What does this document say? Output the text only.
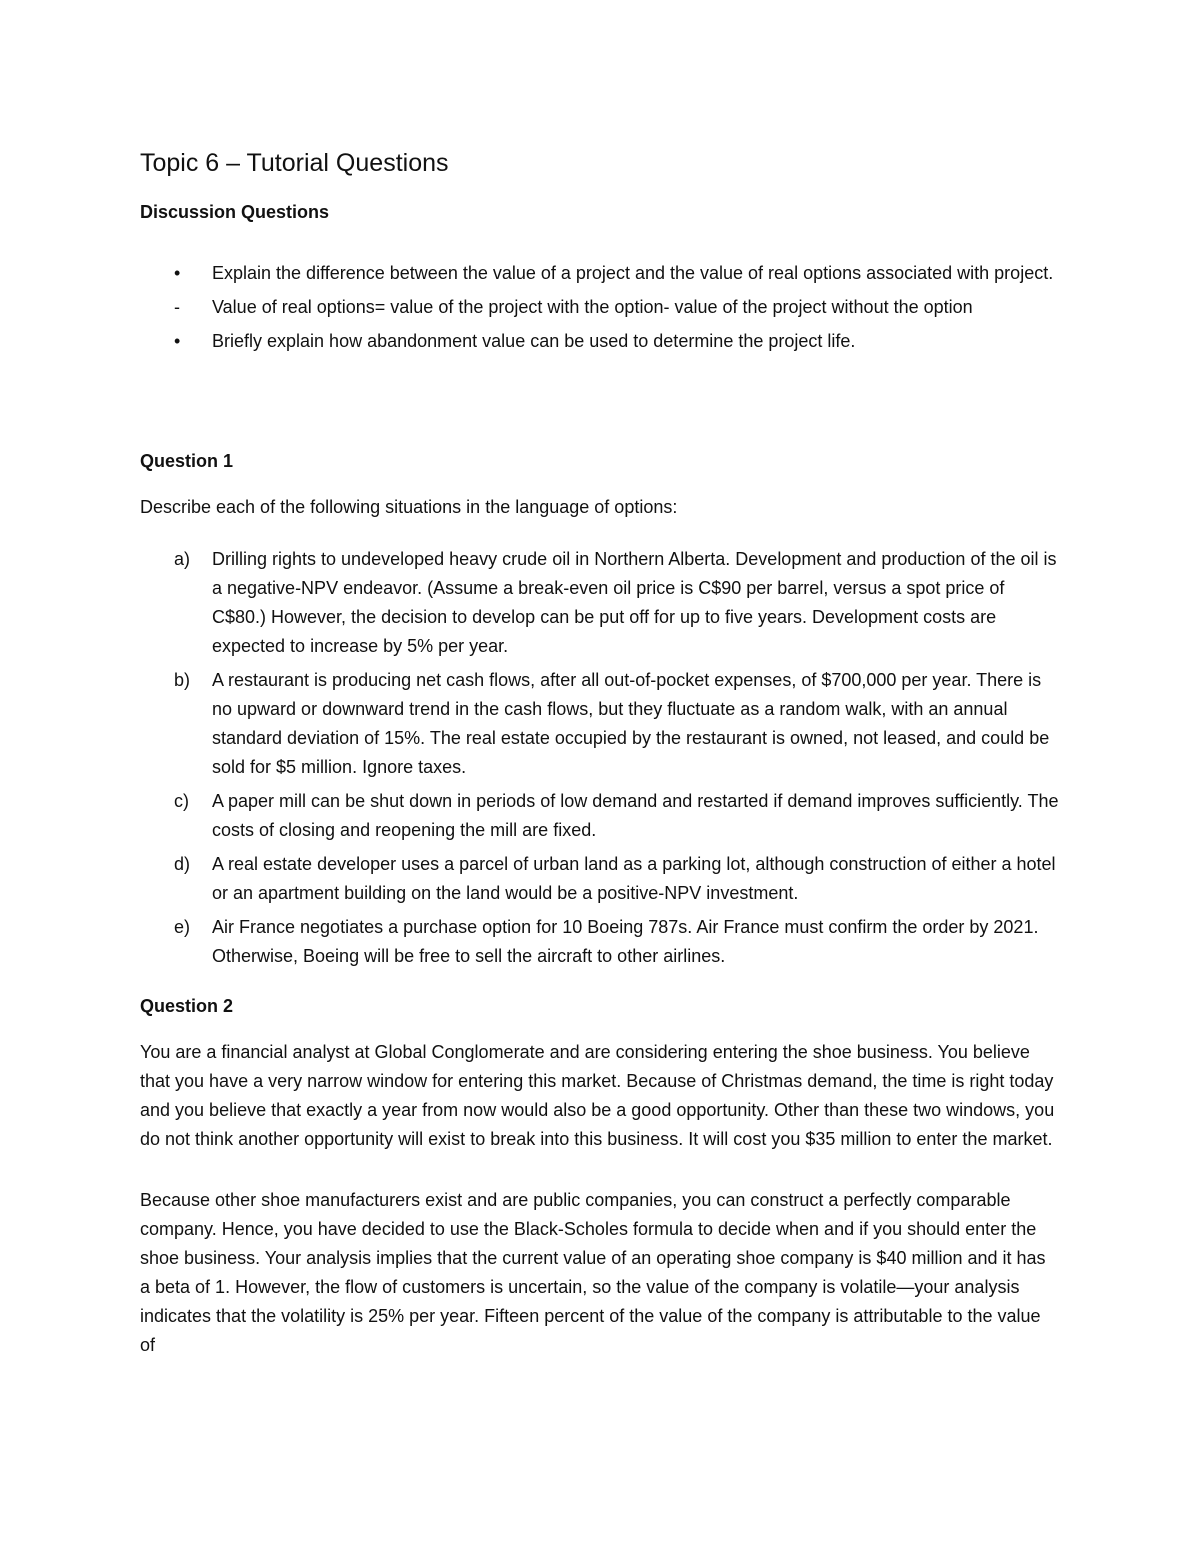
Topic 6 – Tutorial Questions
Discussion Questions
•	Explain the difference between the value of a project and the value of real options associated with project.
-	Value of real options= value of the project with the option- value of the project without the option
•	Briefly explain how abandonment value can be used to determine the project life.
Question 1

Describe each of the following situations in the language of options:

a)	Drilling rights to undeveloped heavy crude oil in Northern Alberta. Development and production of the oil is a negative-NPV endeavor. (Assume a break-even oil price is C$90 per barrel, versus a spot price of C$80.) However, the decision to develop can be put off for up to five years. Development costs are expected to increase by 5% per year.
b)	A restaurant is producing net cash flows, after all out-of-pocket expenses, of $700,000 per year. There is no upward or downward trend in the cash flows, but they fluctuate as a random walk, with an annual standard deviation of 15%. The real estate occupied by the restaurant is owned, not leased, and could be sold for $5 million. Ignore taxes.
c)	A paper mill can be shut down in periods of low demand and restarted if demand improves sufficiently. The costs of closing and reopening the mill are fixed.
d)	A real estate developer uses a parcel of urban land as a parking lot, although construction of either a hotel or an apartment building on the land would be a positive-NPV investment.
e)	Air France negotiates a purchase option for 10 Boeing 787s. Air France must confirm the order by 2021. Otherwise, Boeing will be free to sell the aircraft to other airlines.
Question 2

You are a financial analyst at Global Conglomerate and are considering entering the shoe business. You believe that you have a very narrow window for entering this market. Because of Christmas demand, the time is right today and you believe that exactly a year from now would also be a good opportunity. Other than these two windows, you do not think another opportunity will exist to break into this business. It will cost you $35 million to enter the market.

Because other shoe manufacturers exist and are public companies, you can construct a perfectly comparable company. Hence, you have decided to use the Black-Scholes formula to decide when and if you should enter the shoe business. Your analysis implies that the current value of an operating shoe company is $40 million and it has a beta of 1. However, the flow of customers is uncertain, so the value of the company is volatile—your analysis indicates that the volatility is 25% per year. Fifteen percent of the value of the company is attributable to the value of
